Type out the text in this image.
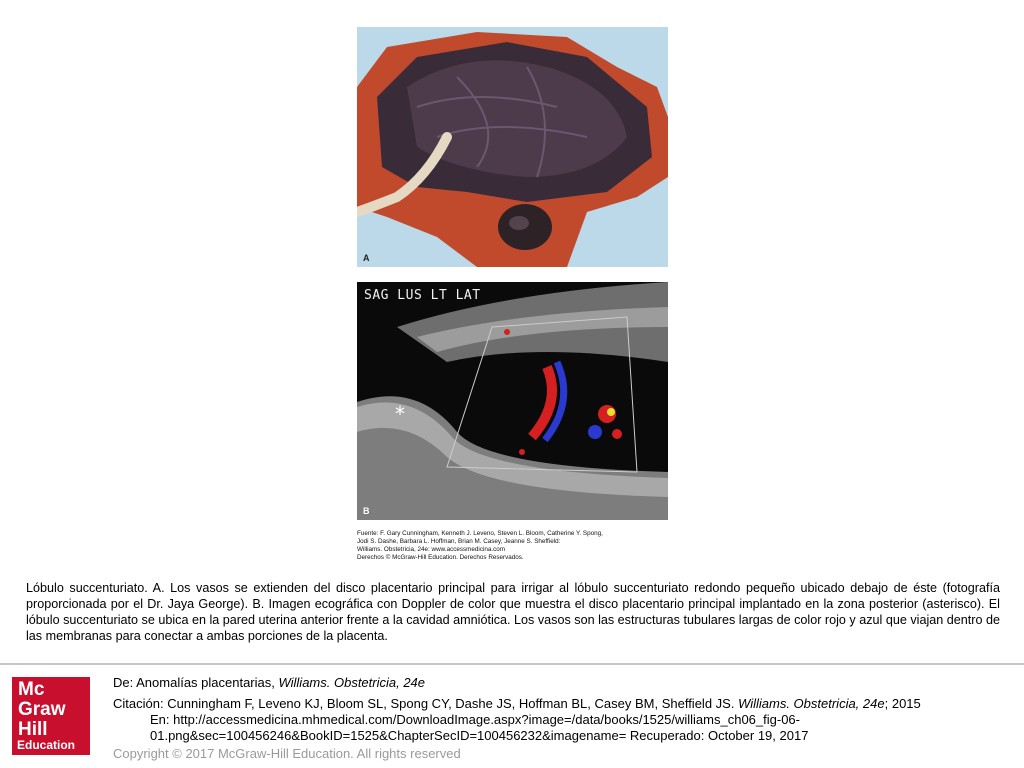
A
SAG LUS LT LAT
*
B
Fuente: F. Gary Cunningham, Kenneth J. Leveno, Steven L. Bloom, Catherine Y. Spong,
Jodi S. Dashe, Barbara L. Hoffman, Brian M. Casey, Jeanne S. Sheffield:
Williams. Obstetricia, 24e: www.accessmedicina.com
Derechos © McGraw-Hill Education. Derechos Reservados.
Lóbulo succenturiato. A. Los vasos se extienden del disco placentario principal para irrigar al lóbulo succenturiato redondo pequeño ubicado debajo de éste (fotografía proporcionada por el Dr. Jaya George). B. Imagen ecográfica con Doppler de color que muestra el disco placentario principal implantado en la zona posterior (asterisco). El lóbulo succenturiato se ubica en la pared uterina anterior frente a la cavidad amniótica. Los vasos son las estructuras tubulares largas de color rojo y azul que viajan dentro de las membranas para conectar a ambas porciones de la placenta.
Mc
Graw
Hill
Education
De: Anomalías placentarias, Williams. Obstetricia, 24e
Citación: Cunningham F, Leveno KJ, Bloom SL, Spong CY, Dashe JS, Hoffman BL, Casey BM, Sheffield JS. Williams. Obstetricia, 24e; 2015
En: http://accessmedicina.mhmedical.com/DownloadImage.aspx?image=/data/books/1525/williams_ch06_fig-06-
01.png&sec=100456246&BookID=1525&ChapterSecID=100456232&imagename= Recuperado: October 19, 2017
Copyright © 2017 McGraw-Hill Education. All rights reserved
